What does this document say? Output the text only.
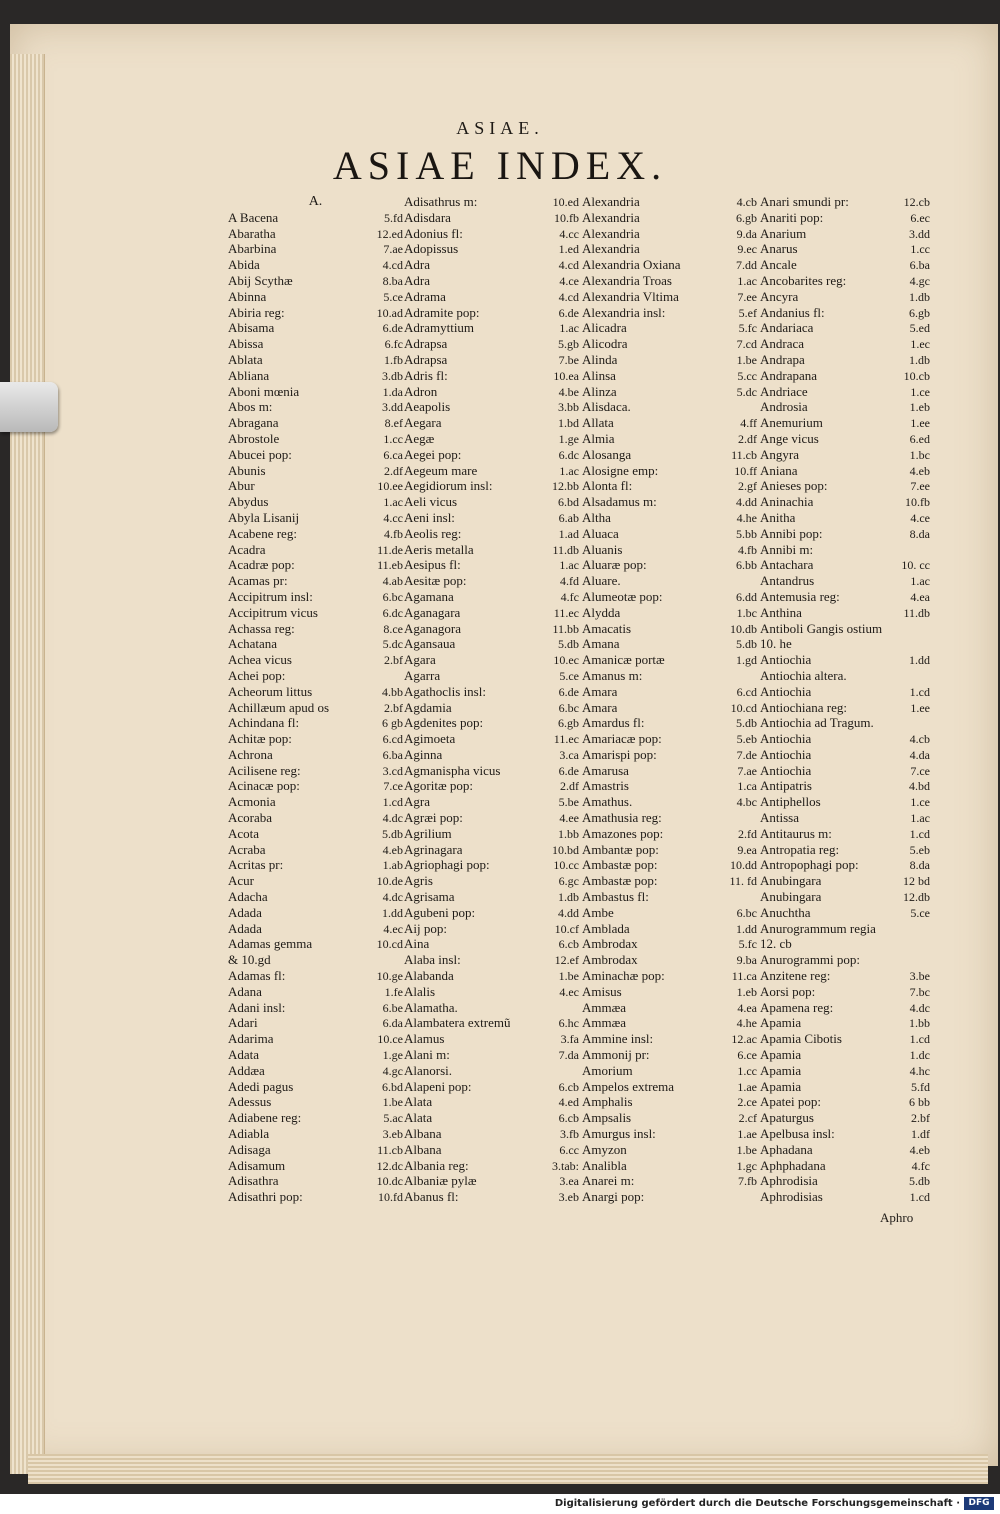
ASIAE.
ASIAE INDEX.
A.
A Bacena	5.fd
Abaratha	12.ed
Abarbina	7.ae
Abida	4.cd
Abij Scythæ	8.ba
Abinna	5.ce
Abiria reg:	10.ad
Abisama	6.de
Abissa	6.fc
Ablata	1.fb
Abliana	3.db
Aboni mœnia	1.da
Abos m:	3.dd
Abragana	8.ef
Abrostole	1.cc
Abucei pop:	6.ca
Abunis	2.df
Abur	10.ee
Abydus	1.ac
Abyla Lisanij	4.cc
Acabene reg:	4.fb
Acadra	11.de
Acadræ pop:	11.eb
Acamas pr:	4.ab
Accipitrum insl:	6.bc
Accipitrum vicus	6.dc
Achassa reg:	8.ce
Achatana	5.dc
Achea vicus	2.bf
Achei pop:
Acheorum littus	4.bb
Achillæum apud os	2.bf
Achindana fl:	6 gb
Achitæ pop:	6.cd
Achrona	6.ba
Acilisene reg:	3.cd
Acinacæ pop:	7.ce
Acmonia	1.cd
Acoraba	4.dc
Acota	5.db
Acraba	4.eb
Acritas pr:	1.ab
Acur	10.de
Adacha	4.dc
Adada	1.dd
Adada	4.ec
Adamas gemma	10.cd
& 10.gd
Adamas fl:	10.ge
Adana	1.fe
Adani insl:	6.be
Adari	6.da
Adarima	10.ce
Adata	1.ge
Addæa	4.gc
Adedi pagus	6.bd
Adessus	1.be
Adiabene reg:	5.ac
Adiabla	3.eb
Adisaga	11.cb
Adisamum	12.dc
Adisathra	10.dc
Adisathri pop:	10.fd
Adisathrus m:	10.ed
Adisdara	10.fb
Adonius fl:	4.cc
Adopissus	1.ed
Adra	4.cd
Adra	4.ce
Adrama	4.cd
Adramite pop:	6.de
Adramyttium	1.ac
Adrapsa	5.gb
Adrapsa	7.be
Adris fl:	10.ea
Adron	4.be
Aeapolis	3.bb
Aegara	1.bd
Aegæ	1.ge
Aegei pop:	6.dc
Aegeum mare	1.ac
Aegidiorum insl:	12.bb
Aeli vicus	6.bd
Aeni insl:	6.ab
Aeolis reg:	1.ad
Aeris metalla	11.db
Aesipus fl:	1.ac
Aesitæ pop:	4.fd
Agamana	4.fc
Aganagara	11.ec
Aganagora	11.bb
Agansaua	5.db
Agara	10.ec
Agarra	5.ce
Agathoclis insl:	6.de
Agdamia	6.bc
Agdenites pop:	6.gb
Agimoeta	11.ec
Aginna	3.ca
Agmanispha vicus	6.de
Agoritæ pop:	2.df
Agra	5.be
Agræi pop:	4.ee
Agrilium	1.bb
Agrinagara	10.bd
Agriophagi pop:	10.cc
Agris	6.gc
Agrisama	1.db
Agubeni pop:	4.dd
Aij pop:	10.cf
Aina	6.cb
Alaba insl:	12.ef
Alabanda	1.be
Alalis	4.ec
Alamatha.
Alambatera extremũ	6.hc
Alamus	3.fa
Alani m:	7.da
Alanorsi.
Alapeni pop:	6.cb
Alata	4.ed
Alata	6.cb
Albana	3.fb
Albana	6.cc
Albania reg:	3.tab:
Albaniæ pylæ	3.ea
Abanus fl:	3.eb
Alexandria	4.cb
Alexandria	6.gb
Alexandria	9.da
Alexandria	9.ec
Alexandria Oxiana	7.dd
Alexandria Troas	1.ac
Alexandria Vltima	7.ee
Alexandria insl:	5.ef
Alicadra	5.fc
Alicodra	7.cd
Alinda	1.be
Alinsa	5.cc
Alinza	5.dc
Alisdaca.
Allata	4.ff
Almia	2.df
Alosanga	11.cb
Alosigne emp:	10.ff
Alonta fl:	2.gf
Alsadamus m:	4.dd
Altha	4.he
Aluaca	5.bb
Aluanis	4.fb
Aluaræ pop:	6.bb
Aluare.
Alumeotæ pop:	6.dd
Alydda	1.bc
Amacatis	10.db
Amana	5.db
Amanicæ portæ	1.gd
Amanus m:
Amara	6.cd
Amara	10.cd
Amardus fl:	5.db
Amariacæ pop:	5.eb
Amarispi pop:	7.de
Amarusa	7.ae
Amastris	1.ca
Amathus.	4.bc
Amathusia reg:
Amazones pop:	2.fd
Ambantæ pop:	9.ea
Ambastæ pop:	10.dd
Ambastæ pop:	11. fd
Ambastus fl:
Ambe	6.bc
Amblada	1.dd
Ambrodax	5.fc
Ambrodax	9.ba
Aminachæ pop:	11.ca
Amisus	1.eb
Ammæa	4.ea
Ammæa	4.he
Ammine insl:	12.ac
Ammonij pr:	6.ce
Amorium	1.cc
Ampelos extrema	1.ae
Amphalis	2.ce
Ampsalis	2.cf
Amurgus insl:	1.ae
Amyzon	1.be
Analibla	1.gc
Anarei m:	7.fb
Anargi pop:
Anari smundi pr:	12.cb
Anariti pop:	6.ec
Anarium	3.dd
Anarus	1.cc
Ancale	6.ba
Ancobarites reg:	4.gc
Ancyra	1.db
Andanius fl:	6.gb
Andariaca	5.ed
Andraca	1.ec
Andrapa	1.db
Andrapana	10.cb
Andriace	1.ce
Androsia	1.eb
Anemurium	1.ee
Ange vicus	6.ed
Angyra	1.bc
Aniana	4.eb
Anieses pop:	7.ee
Aninachia	10.fb
Anitha	4.ce
Annibi pop:	8.da
Annibi m:
Antachara	10. cc
Antandrus	1.ac
Antemusia reg:	4.ea
Anthina	11.db
Antiboli Gangis ostium
10. he
Antiochia	1.dd
Antiochia altera.
Antiochia	1.cd
Antiochiana reg:	1.ee
Antiochia ad Tragum.
Antiochia	4.cb
Antiochia	4.da
Antiochia	7.ce
Antipatris	4.bd
Antiphellos	1.ce
Antissa	1.ac
Antitaurus m:	1.cd
Antropatia reg:	5.eb
Antropophagi pop:	8.da
Anubingara	12 bd
Anubingara	12.db
Anuchtha	5.ce
Anurogrammum regia
12. cb
Anurogrammi pop:
Anzitene reg:	3.be
Aorsi pop:	7.bc
Apamena reg:	4.dc
Apamia	1.bb
Apamia Cibotis	1.cd
Apamia	1.dc
Apamia	4.hc
Apamia	5.fd
Apatei pop:	6 bb
Apaturgus	2.bf
Apelbusa insl:	1.df
Aphadana	4.eb
Aphphadana	4.fc
Aphrodisia	5.db
Aphrodisias	1.cd
Aphro
Digitalisierung gefördert durch die Deutsche Forschungsgemeinschaft · DFG
